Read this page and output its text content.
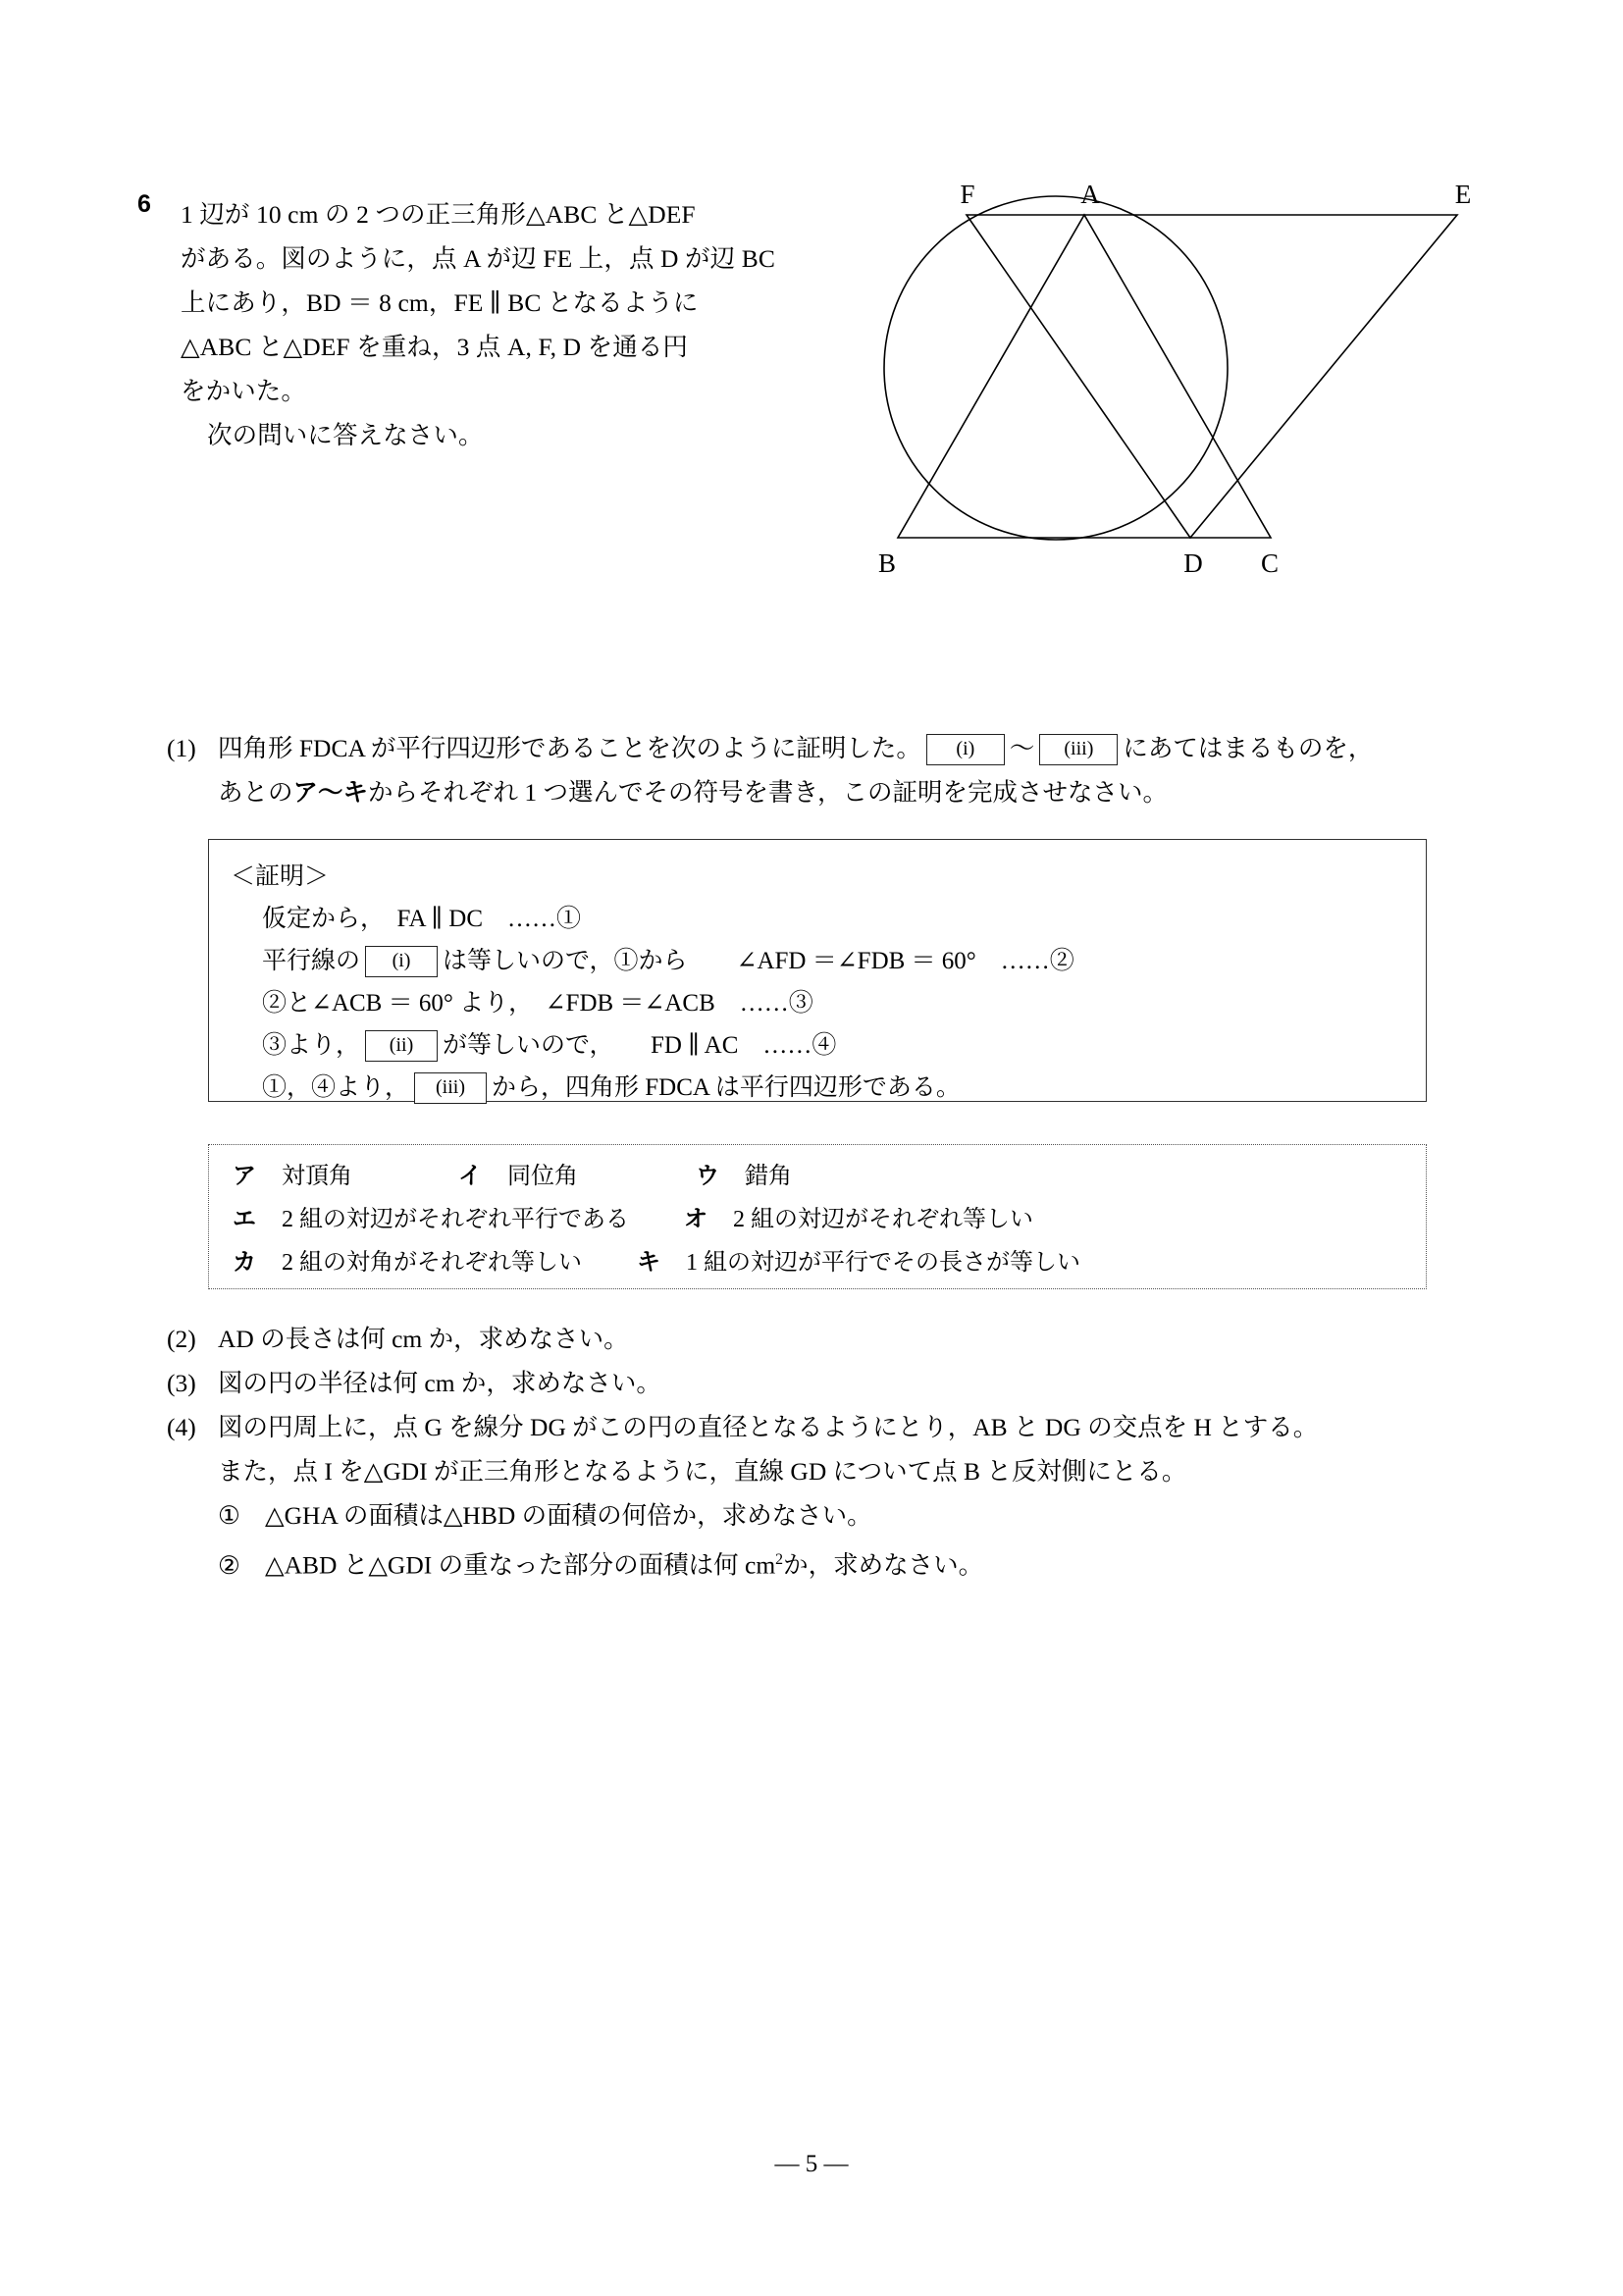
6 1 辺が 10 cm の 2 つの正三角形△ABC と△DEF
がある。図のように，点 A が辺 FE 上，点 D が辺 BC
上にあり，BD ＝ 8 cm，FE ∥ BC となるように
△ABC と△DEF を重ね，3 点 A, F, D を通る円
をかいた。
次の問いに答えなさい。
F	A	E
B	D C
(1) 四角形 FDCA が平行四辺形であることを次のように証明した。 (i) 〜 (iii) にあてはまるものを，
あとのア〜キからそれぞれ 1 つ選んでその符号を書き，この証明を完成させなさい。
＜証明＞
仮定から，　FA ∥ DC　……①
平行線の (i) は等しいので，①から　　∠AFD ＝∠FDB ＝ 60°　……②
②と∠ACB ＝ 60° より，　∠FDB ＝∠ACB　……③
③より， (ii) が等しいので，　　FD ∥ AC　……④
①，④より， (iii) から，四角形 FDCA は平行四辺形である。
ア 対頂角	イ 同位角	ウ 錯角
エ 2 組の対辺がそれぞれ平行である オ 2 組の対辺がそれぞれ等しい
カ 2 組の対角がそれぞれ等しい キ 1 組の対辺が平行でその長さが等しい
(2) AD の長さは何 cm か，求めなさい。
(3) 図の円の半径は何 cm か，求めなさい。
(4) 図の円周上に，点 G を線分 DG がこの円の直径となるようにとり，AB と DG の交点を H とする。
また，点 I を△GDI が正三角形となるように，直線 GD について点 B と反対側にとる。
① △GHA の面積は△HBD の面積の何倍か，求めなさい。
② △ABD と△GDI の重なった部分の面積は何 $cm^2$か，求めなさい。
— 5 —
